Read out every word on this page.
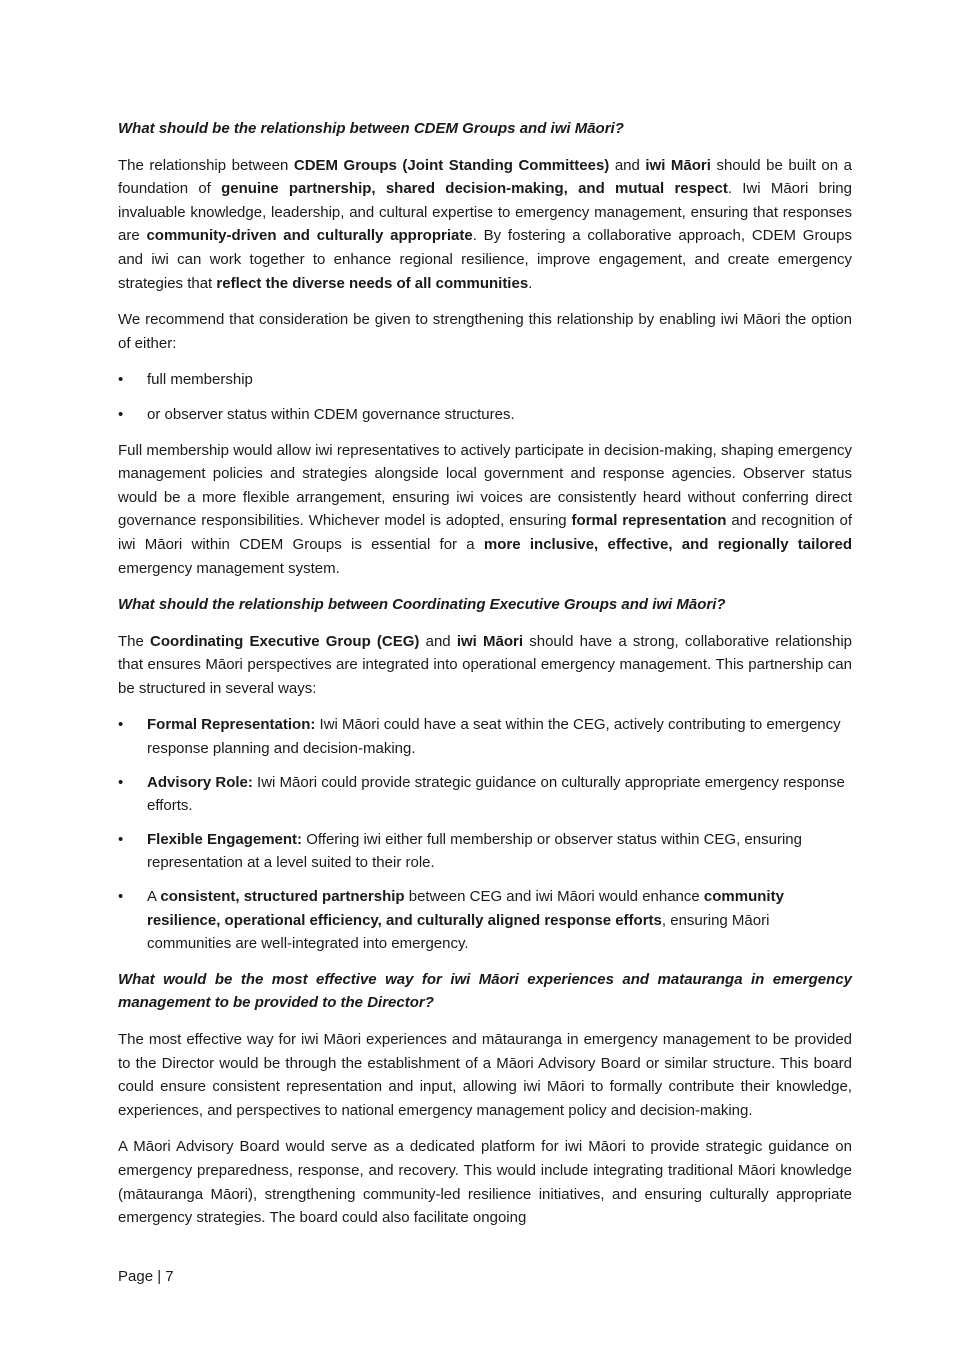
What should be the relationship between CDEM Groups and iwi Māori?

The relationship between CDEM Groups (Joint Standing Committees) and iwi Māori should be built on a foundation of genuine partnership, shared decision-making, and mutual respect. Iwi Māori bring invaluable knowledge, leadership, and cultural expertise to emergency management, ensuring that responses are community-driven and culturally appropriate. By fostering a collaborative approach, CDEM Groups and iwi can work together to enhance regional resilience, improve engagement, and create emergency strategies that reflect the diverse needs of all communities.

We recommend that consideration be given to strengthening this relationship by enabling iwi Māori the option of either:

• full membership
• or observer status within CDEM governance structures.

Full membership would allow iwi representatives to actively participate in decision-making, shaping emergency management policies and strategies alongside local government and response agencies. Observer status would be a more flexible arrangement, ensuring iwi voices are consistently heard without conferring direct governance responsibilities. Whichever model is adopted, ensuring formal representation and recognition of iwi Māori within CDEM Groups is essential for a more inclusive, effective, and regionally tailored emergency management system.

What should the relationship between Coordinating Executive Groups and iwi Māori?

The Coordinating Executive Group (CEG) and iwi Māori should have a strong, collaborative relationship that ensures Māori perspectives are integrated into operational emergency management. This partnership can be structured in several ways:

• Formal Representation: Iwi Māori could have a seat within the CEG, actively contributing to emergency response planning and decision-making.
• Advisory Role: Iwi Māori could provide strategic guidance on culturally appropriate emergency response efforts.
• Flexible Engagement: Offering iwi either full membership or observer status within CEG, ensuring representation at a level suited to their role.
• A consistent, structured partnership between CEG and iwi Māori would enhance community resilience, operational efficiency, and culturally aligned response efforts, ensuring Māori communities are well-integrated into emergency.

What would be the most effective way for iwi Māori experiences and matauranga in emergency management to be provided to the Director?

The most effective way for iwi Māori experiences and mātauranga in emergency management to be provided to the Director would be through the establishment of a Māori Advisory Board or similar structure. This board could ensure consistent representation and input, allowing iwi Māori to formally contribute their knowledge, experiences, and perspectives to national emergency management policy and decision-making.

A Māori Advisory Board would serve as a dedicated platform for iwi Māori to provide strategic guidance on emergency preparedness, response, and recovery. This would include integrating traditional Māori knowledge (mātauranga Māori), strengthening community-led resilience initiatives, and ensuring culturally appropriate emergency strategies. The board could also facilitate ongoing

Page | 7
